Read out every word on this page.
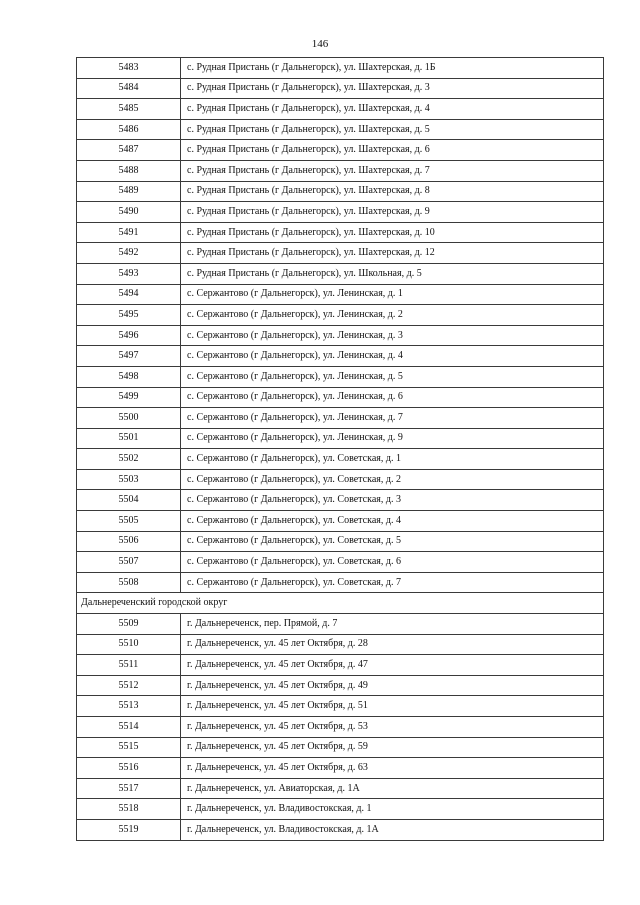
146
5483	с. Рудная Пристань (г Дальнегорск), ул. Шахтерская, д. 1Б
5484	с. Рудная Пристань (г Дальнегорск), ул. Шахтерская, д. 3
5485	с. Рудная Пристань (г Дальнегорск), ул. Шахтерская, д. 4
5486	с. Рудная Пристань (г Дальнегорск), ул. Шахтерская, д. 5
5487	с. Рудная Пристань (г Дальнегорск), ул. Шахтерская, д. 6
5488	с. Рудная Пристань (г Дальнегорск), ул. Шахтерская, д. 7
5489	с. Рудная Пристань (г Дальнегорск), ул. Шахтерская, д. 8
5490	с. Рудная Пристань (г Дальнегорск), ул. Шахтерская, д. 9
5491	с. Рудная Пристань (г Дальнегорск), ул. Шахтерская, д. 10
5492	с. Рудная Пристань (г Дальнегорск), ул. Шахтерская, д. 12
5493	с. Рудная Пристань (г Дальнегорск), ул. Школьная, д. 5
5494	с. Сержантово (г Дальнегорск), ул. Ленинская, д. 1
5495	с. Сержантово (г Дальнегорск), ул. Ленинская, д. 2
5496	с. Сержантово (г Дальнегорск), ул. Ленинская, д. 3
5497	с. Сержантово (г Дальнегорск), ул. Ленинская, д. 4
5498	с. Сержантово (г Дальнегорск), ул. Ленинская, д. 5
5499	с. Сержантово (г Дальнегорск), ул. Ленинская, д. 6
5500	с. Сержантово (г Дальнегорск), ул. Ленинская, д. 7
5501	с. Сержантово (г Дальнегорск), ул. Ленинская, д. 9
5502	с. Сержантово (г Дальнегорск), ул. Советская, д. 1
5503	с. Сержантово (г Дальнегорск), ул. Советская, д. 2
5504	с. Сержантово (г Дальнегорск), ул. Советская, д. 3
5505	с. Сержантово (г Дальнегорск), ул. Советская, д. 4
5506	с. Сержантово (г Дальнегорск), ул. Советская, д. 5
5507	с. Сержантово (г Дальнегорск), ул. Советская, д. 6
5508	с. Сержантово (г Дальнегорск), ул. Советская, д. 7
Дальнереченский городской округ	
5509	г. Дальнереченск, пер. Прямой, д. 7
5510	г. Дальнереченск, ул. 45 лет Октября, д. 28
5511	г. Дальнереченск, ул. 45 лет Октября, д. 47
5512	г. Дальнереченск, ул. 45 лет Октября, д. 49
5513	г. Дальнереченск, ул. 45 лет Октября, д. 51
5514	г. Дальнереченск, ул. 45 лет Октября, д. 53
5515	г. Дальнереченск, ул. 45 лет Октября, д. 59
5516	г. Дальнереченск, ул. 45 лет Октября, д. 63
5517	г. Дальнереченск, ул. Авиаторская, д. 1А
5518	г. Дальнереченск, ул. Владивостокская, д. 1
5519	г. Дальнереченск, ул. Владивостокская, д. 1А
